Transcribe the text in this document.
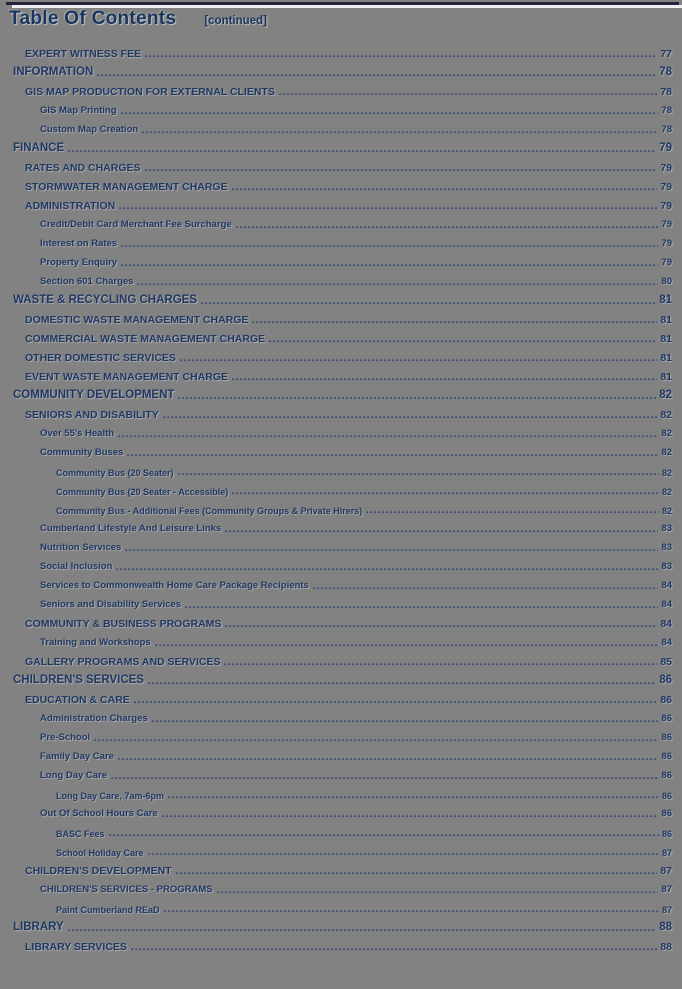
Table Of Contents [continued]
EXPERT WITNESS FEE	77
INFORMATION	78
GIS MAP PRODUCTION FOR EXTERNAL CLIENTS	78
GIS Map Printing	78
Custom Map Creation	78
FINANCE	79
RATES AND CHARGES	79
STORMWATER MANAGEMENT CHARGE	79
ADMINISTRATION	79
Credit/Debit Card Merchant Fee Surcharge	79
Interest on Rates	79
Property Enquiry	79
Section 601 Charges	80
WASTE & RECYCLING CHARGES	81
DOMESTIC WASTE MANAGEMENT CHARGE	81
COMMERCIAL WASTE MANAGEMENT CHARGE	81
OTHER DOMESTIC SERVICES	81
EVENT WASTE MANAGEMENT CHARGE	81
COMMUNITY DEVELOPMENT	82
SENIORS AND DISABILITY	82
Over 55's Health	82
Community Buses	82
Community Bus (20 Seater)	82
Community Bus (20 Seater - Accessible)	82
Community Bus - Additional Fees (Community Groups & Private Hirers)	82
Cumberland Lifestyle And Leisure Links	83
Nutrition Services	83
Social Inclusion	83
Services to Commonwealth Home Care Package Recipients	84
Seniors and Disability Services	84
COMMUNITY & BUSINESS PROGRAMS	84
Training and Workshops	84
GALLERY PROGRAMS AND SERVICES	85
CHILDREN'S SERVICES	86
EDUCATION & CARE	86
Administration Charges	86
Pre-School	86
Family Day Care	86
Long Day Care	86
Long Day Care, 7am-6pm	86
Out Of School Hours Care	86
BASC Fees	86
School Holiday Care	87
CHILDREN'S DEVELOPMENT	87
CHILDREN'S SERVICES - PROGRAMS	87
Paint Cumberland REaD	87
LIBRARY	88
LIBRARY SERVICES	88
